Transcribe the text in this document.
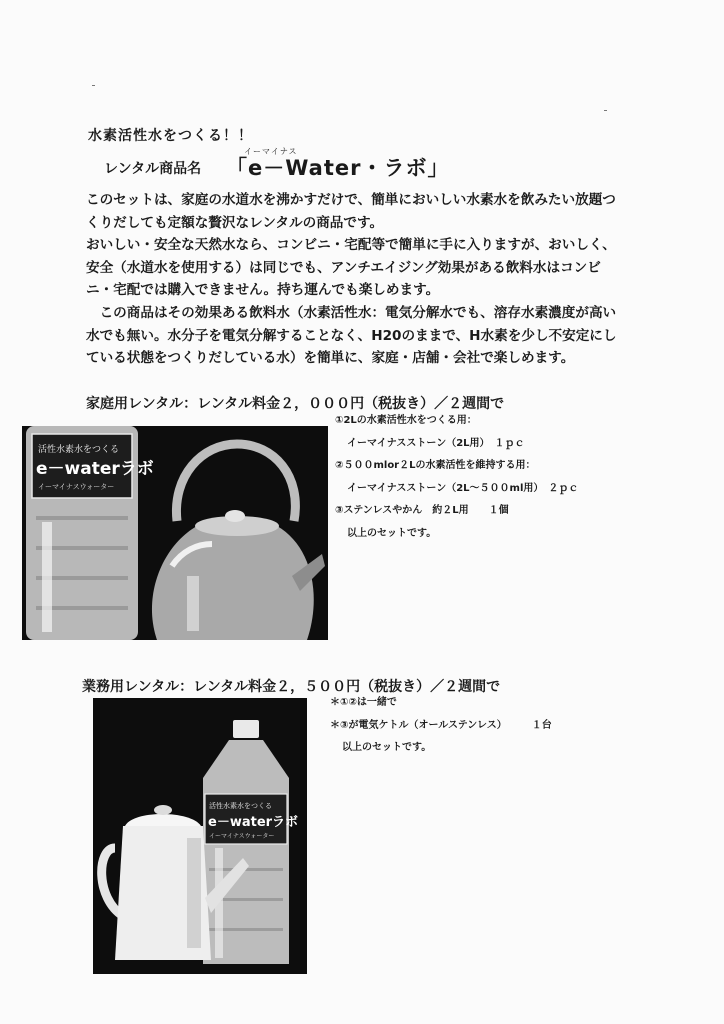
水素活性水をつくる！！
レンタル商品名
イーマイナス
「e－Water・ラボ」

このセットは、家庭の水道水を沸かすだけで、簡単においしい水素水を飲みたい放題つくりだしても定額な贅沢なレンタルの商品です。

おいしい・安全な天然水なら、コンビニ・宅配等で簡単に手に入りますが、おいしく、安全（水道水を使用する）は同じでも、アンチエイジング効果がある飲料水はコンビニ・宅配では購入できません。持ち運んでも楽しめます。

　この商品はその効果ある飲料水（水素活性水：電気分解水でも、溶存水素濃度が高い水でも無い。水分子を電気分解することなく、H20のままで、H水素を少し不安定にしている状態をつくりだしている水）を簡単に、家庭・店舗・会社で楽しめます。

家庭用レンタル：レンタル料金２，０００円（税抜き）／２週間で
活性水素水をつくる
e－waterラボ
イーマイナスウォーター
①2Lの水素活性水をつくる用：
イーマイナスストーン（2L用）　１ｐｃ
②５００mlor２Lの水素活性を維持する用：
イーマイナスストーン（2L～５００ml用）　２ｐｃ
③ステンレスやかん　約２L用　　１個
以上のセットです。
業務用レンタル：レンタル料金２，５００円（税抜き）／２週間で
活性水素水をつくる
e－waterラボ
イーマイナスウォーター
＊①②は一緒で
＊③が電気ケトル（オールステンレス）　　　１台
以上のセットです。
